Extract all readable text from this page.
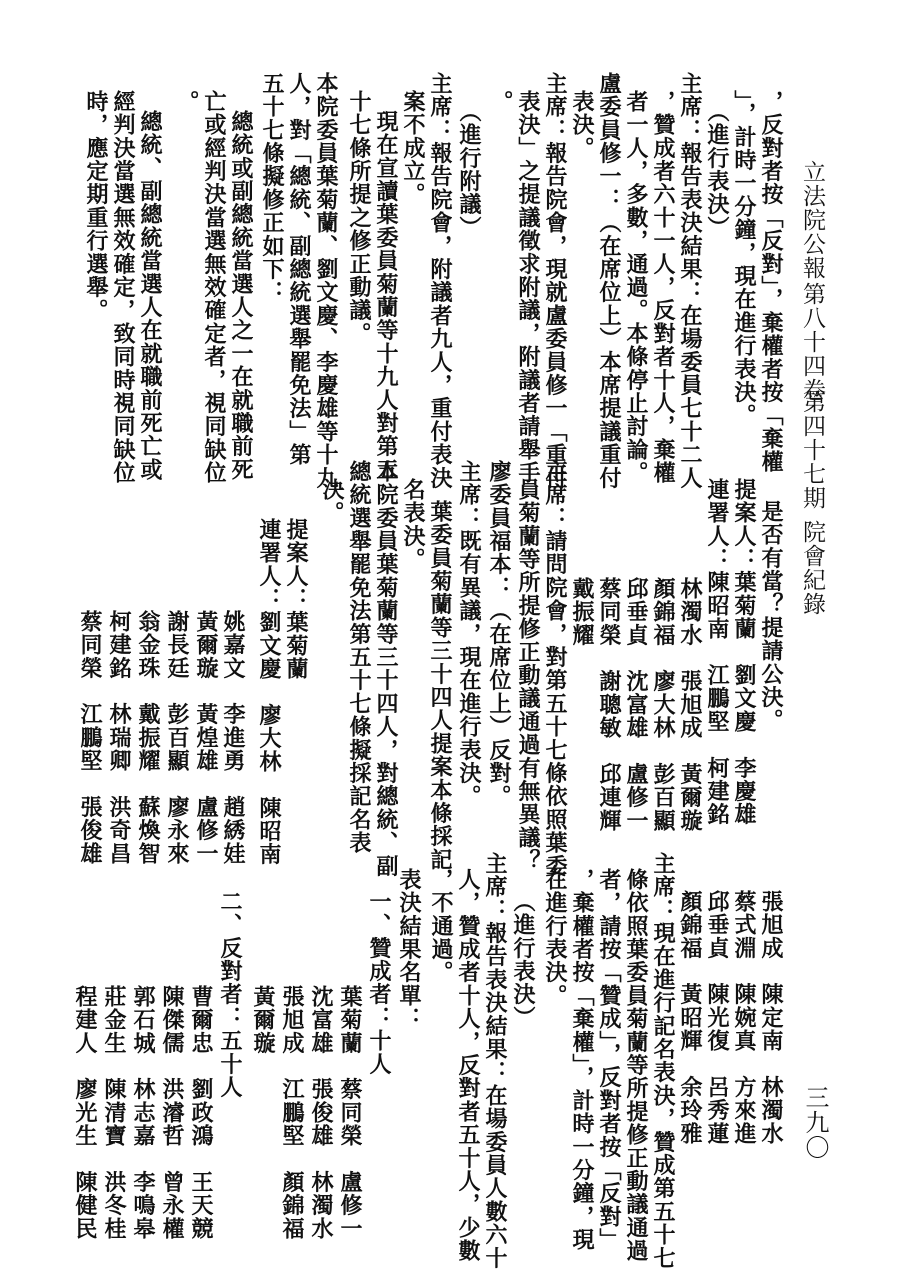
立法院公報
第八十四卷
第四十七期
院會紀錄
三九〇
，反對者按「反對」，棄權者按「棄權
」，計時一分鐘，現在進行表決。
（進行表決）
主席：報告表決結果：在場委員七十二人
，贊成者六十一人，反對者十人，棄權
者一人，多數，通過。本條停止討論。
盧委員修一：（在席位上）本席提議重付
表決。
主席：報告院會，現就盧委員修一「重付
表決」之提議徵求附議，附議者請舉手
。
（進行附議）
主席：報告院會，附議者九人，重付表決
案不成立。
現在宣讀葉委員菊蘭等十九人對第五
十七條所提之修正動議。
本院委員葉菊蘭、劉文慶、李慶雄等十九
人，對「總統、副總統選舉罷免法」第
五十七條擬修正如下：
總統或副總統當選人之一在就職前死
亡或經判決當選無效確定者，視同缺位
。
總統、副總統當選人在就職前死亡或
經判決當選無效確定，致同時視同缺位
時，應定期重行選舉。
是否有當？提請公決。
提案人：葉菊蘭　劉文慶　李慶雄
連署人：陳昭南　江鵬堅　柯建銘
林濁水　張旭成　黃爾璇
顏錦福　廖大林　彭百顯
邱垂貞　沈富雄　盧修一
蔡同榮　謝聰敏　邱連輝
戴振耀
主席：請問院會，對第五十七條依照葉委
員菊蘭等所提修正動議通過有無異議？
廖委員福本：（在席位上）反對。
主席：既有異議，現在進行表決。
葉委員菊蘭等三十四人提案本條採記
名表決。
本院委員葉菊蘭等三十四人，對總統、副
總統選舉罷免法第五十七條擬採記名表
決。
提案人：葉菊蘭
連署人：劉文慶　廖大林　陳昭南
姚嘉文　李進勇　趙綉娃
黃爾璇　黃煌雄　盧修一
謝長廷　彭百顯　廖永來
翁金珠　戴振耀　蘇煥智
柯建銘　林瑞卿　洪奇昌
蔡同榮　江鵬堅　張俊雄
張旭成　陳定南　林濁水
蔡式淵　陳婉真　方來進
邱垂貞　陳光復　呂秀蓮
顏錦福　黃昭輝　余玲雅
主席：現在進行記名表決，贊成第五十七
條依照葉委員菊蘭等所提修正動議通過
者，請按「贊成」，反對者按「反對」
，棄權者按「棄權」，計時一分鐘，現
在進行表決。
（進行表決）
主席：報告表決結果：在場委員人數六十
人，贊成者十人，反對者五十人，少數
，不通過。
表決結果名單：
一、贊成者：十人
葉菊蘭　蔡同榮　盧修一
沈富雄　張俊雄　林濁水
張旭成　江鵬堅　顏錦福
黃爾璇
二、反對者：五十人
曹爾忠　劉政鴻　王天競
陳傑儒　洪濬哲　曾永權
郭石城　林志嘉　李鳴皋
莊金生　陳清寶　洪冬桂
程建人　廖光生　陳健民
